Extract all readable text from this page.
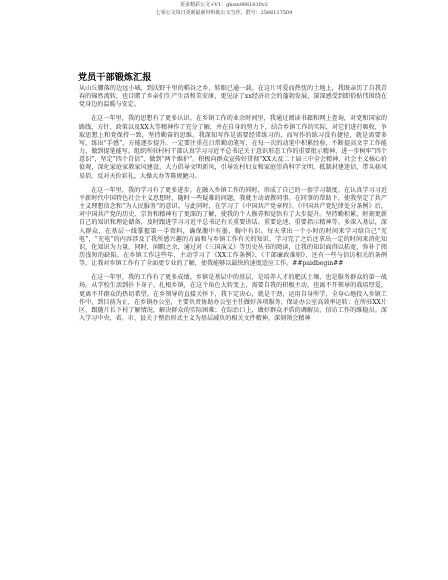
更多精彩公文+V1：ghsm9861010v2
七零公文每日更新最新材料助公文写作。群号：2566117509
党员干部锻炼汇报

从山丘腰落的边远小城，到沃野千里的稻谷之乡，转眼已逾一载。在这片可爱而热忱的土地上，我既亲历了自我青春的锦然流转，也目睹了乡亲们生产生活和美安康，更见证了xx经济社会的蓬勃发展，深深感受到即俗贴伟围绕在党身边的温暖与安定。

在这一年里，我的思想有了更多认识。在乡镇工作的业余时间里，我通过阅读书籍和网上查询，对党和国家的路线、方针、政策以及XX大等精神作了充分了解，并在自身的努力下，结合乡镇工作的实际，对它们进行吸收，争取思想上和党保持一致，坚持勤奋的思维。我深知写作是需要经常练习的，而写作的练习没有捷径，就是需要多写，练出“手感”，方能逐步提升。一定要注重在日常勤动笔写，在每一次的动笔中积累经验，不断提高文字工作能力，做到提笔能写。组织所驻村村干部认真学习习近平总书记关于意识形态工作的重要批示精神，进一步树牢“四个意识”，坚定“四个自信”，做到“两个维护”。积极向群众宣传好贯彻“XX大及二十届三中全会精神，社会主义核心价值观，深化家庭家教家风建设，大力倡导文明新风，引导农村妇女和家庭崇尚科学文明，抵制封建迷信，带头移风易俗，反对天价彩礼、大操大办等陈规陋习。

在这一年里，我的学习有了更多进步。在融入乡镇工作的同时，形成了自己的一套学习制度。在认真学习习近平新时代中国特色社会主义思想时，随时一些疑难的问题，我就主动请教同事。在同事的帮助下，使我坚定了共产主义理想信念和“为人民服务”的意识。与此同时，在学习了《中国共产党章程》、《中国共产党纪律处分条例》后，对中国共产党的历史、宗旨和精神有了更深的了解，使我的个人修养和觉悟有了大步提升。坚持勤积累，时刻更新自己的知识和理论储备，及时跟进学习习近平总书记有关重要讲话、重要论述、重要指示精神等。多深入基层，深入群众，在基层一线掌握第一手资料，确保腹中有墨，胸中有识。每天拿出一个小时的时间来学习给自己“充电”，“充电”的内容涉及了我所感兴趣的方面和与乡镇工作有关的知识，学习完了之后还拿出一定的时间来消化知识，化知识为力量。同时，闲暇之余，通过对《三国演义》等历史丛书的阅读，让我的知识面得以拓宽，弥补了阅历浅短的缺陷。在乡镇工作这些年，主动学习了《XX工作条例》、《干部廉政准则》，还有一些与信访相关的条例等，让我对乡镇工作有了全面更专业的了解，使我能够以最快的速度适应工作。##paidbegin##

在这一年里，我的工作有了更多成绩。乡镇是基层中的基层，是培养人才的肥沃土壤，也是服务群众的第一战场。从学校生活到扑下身子、扎根乡镇，在这个角色大转变上，需要自我的积极主动，也离不开领导的栽培厚爱，更离不开群众的热切希望。在乡领导的直接关怀下，我下定决心，就是干劲，运用自身所学，全身心地投入乡镇工作中，到目前为止，在乡镇办公室，主要负责协助办公室主任做好各项服务，保证办公室高效率运转；在所驻XX片区，跟随片长下村了解情况，解决群众的实际困难；在综治口上，做好群众矛盾的调解员，信访工作的维稳员。深入学习中央、省、市、县关于整治形式主义为基层减负的相关文件精神，深刻领会精神
